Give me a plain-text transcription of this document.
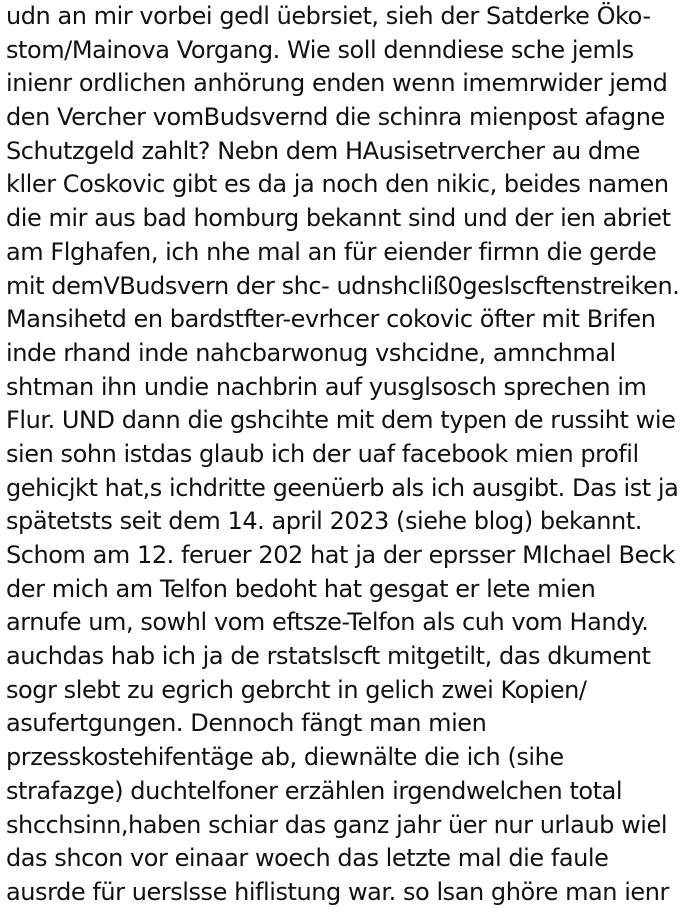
udn an mir vorbei gedl üebrsiet, sieh der Satderke Öko-
stom/Mainova Vorgang. Wie soll denndiese sche jemls
inienr ordlichen anhörung enden wenn imemrwider jemd
den Vercher vomBudsvernd die schinra mienpost afagne
Schutzgeld zahlt? Nebn dem HAusisetrvercher au dme
kller Coskovic gibt es da ja noch den nikic, beides namen
die mir aus bad homburg bekannt sind und der ien abriet
am Flghafen, ich nhe mal an für eiender firmn die gerde
mit demVBudsvern der shc- udnshcliß0geslscftenstreiken.
Mansihetd en bardstfter-evrhcer cokovic öfter mit Brifen
inde rhand inde nahcbarwonug vshcidne, amnchmal
shtman ihn undie nachbrin auf yusglsosch sprechen im
Flur. UND dann die gshcihte mit dem typen de russiht wie
sien sohn istdas glaub ich der uaf facebook mien profil
gehicjkt hat,s ichdritte geenüerb als ich ausgibt. Das ist ja
spätetsts seit dem 14. april 2023 (siehe blog) bekannt.
Schom am 12. feruer 202 hat ja der eprsser MIchael Beck
der mich am Telfon bedoht hat gesgat er lete mien
arnufe um, sowhl vom eftsze-Telfon als cuh vom Handy.
auchdas hab ich ja de rstatslscft mitgetilt, das dkument
sogr slebt zu egrich gebrcht in gelich zwei Kopien/
asufertgungen. Dennoch fängt man mien
przesskostehifentäge ab, diewnälte die ich (sihe
strafazge) duchtelfoner erzählen irgendwelchen total
shcchsinn,haben schiar das ganz jahr üer nur urlaub wiel
das shcon vor einaar woech das letzte mal die faule
ausrde für uerslsse hiflistung war. so lsan ghöre man ienr
